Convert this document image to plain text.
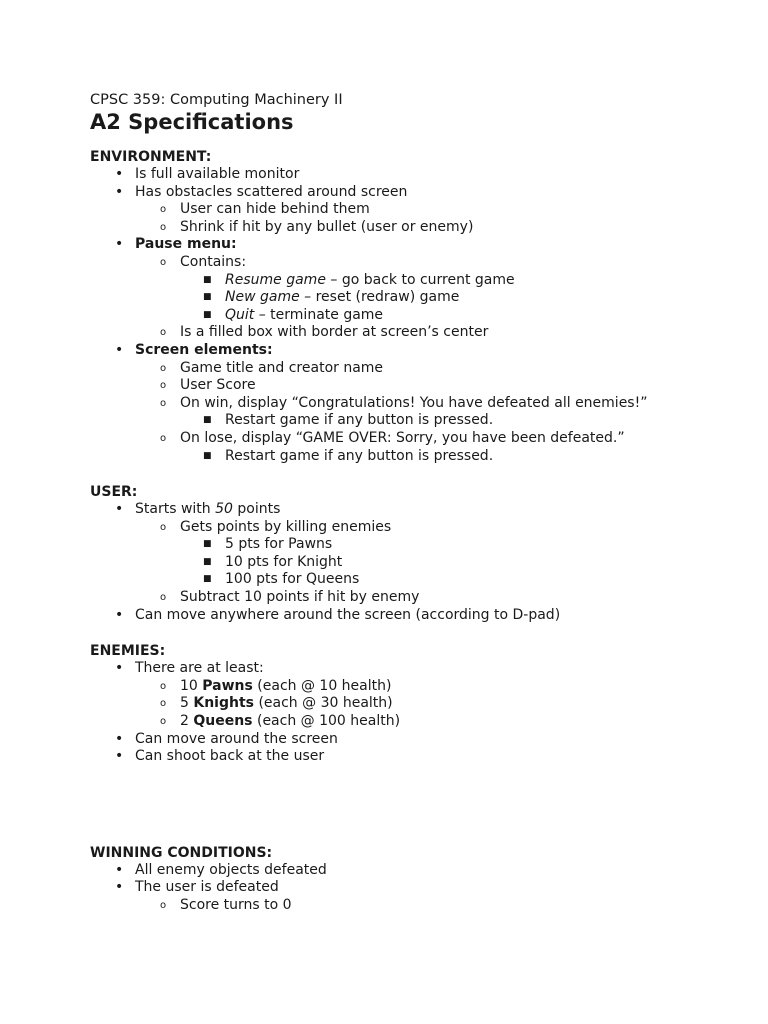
CPSC 359: Computing Machinery II
A2 Specifications
ENVIRONMENT:
• Is full available monitor
• Has obstacles scattered around screen
o User can hide behind them
o Shrink if hit by any bullet (user or enemy)
• Pause menu:
o Contains:
■ Resume game – go back to current game
■ New game – reset (redraw) game
■ Quit – terminate game
o Is a filled box with border at screen’s center
• Screen elements:
o Game title and creator name
o User Score
o On win, display “Congratulations! You have defeated all enemies!”
■ Restart game if any button is pressed.
o On lose, display “GAME OVER: Sorry, you have been defeated.”
■ Restart game if any button is pressed.
USER:
• Starts with 50 points
o Gets points by killing enemies
■ 5 pts for Pawns
■ 10 pts for Knight
■ 100 pts for Queens
o Subtract 10 points if hit by enemy
• Can move anywhere around the screen (according to D-pad)
ENEMIES:
• There are at least:
o 10 Pawns (each @ 10 health)
o 5 Knights (each @ 30 health)
o 2 Queens (each @ 100 health)
• Can move around the screen
• Can shoot back at the user
WINNING CONDITIONS:
• All enemy objects defeated
• The user is defeated
o Score turns to 0
